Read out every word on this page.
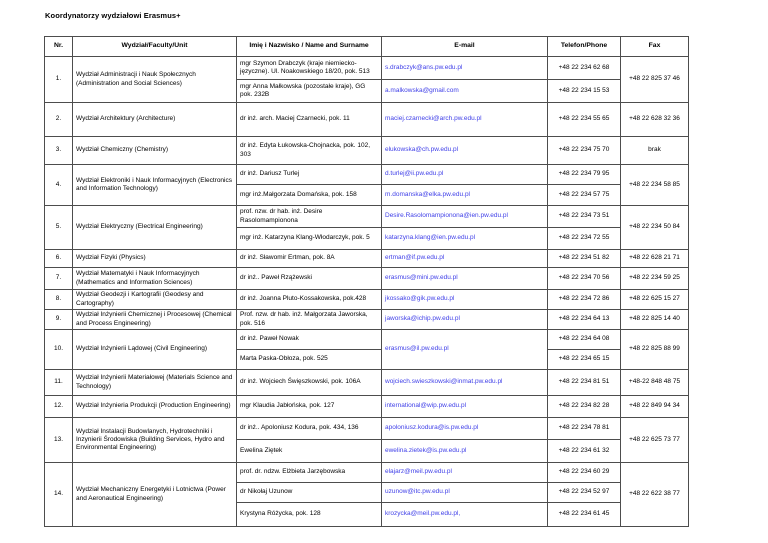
Koordynatorzy wydziałowi Erasmus+
Nr.	Wydział/Faculty/Unit	Imię i Nazwisko / Name and Surname	E-mail	Telefon/Phone	Fax
1.	Wydział Administracji i Nauk Społecznych (Administration and Social Sciences)	mgr Szymon Drabczyk (kraje niemiecko-języczne). Ul. Noakowskiego 18/20, pok. 513	s.drabczyk@ans.pw.edu.pl	+48 22 234 62 68	+48 22 825 37 46
		mgr Anna Małkowska (pozostałe kraje), GG pok. 232B	a.malkowska@gmail.com	+48 22 234 15 53	
2.	Wydział Architektury (Architecture)	dr inż. arch. Maciej Czarnecki, pok. 11	maciej.czarnecki@arch.pw.edu.pl	+48 22 234 55 65	+48 22 628 32 36
3.	Wydział Chemiczny (Chemistry)	dr inż. Edyta Łukowska-Chojnacka, pok. 102, 303	elukowska@ch.pw.edu.pl	+48 22 234 75 70	brak
4.	Wydział Elektroniki i Nauk Informacyjnych (Electronics and Information Technology)	dr inż. Dariusz Turlej	d.turlej@ii.pw.edu.pl	+48 22 234 79 95	+48 22 234 58 85
		mgr inż.Małgorzata Domańska, pok. 158	m.domanska@elka.pw.edu.pl	+48 22 234 57 75	
5.	Wydział Elektryczny (Electrical Engineering)	prof. nzw. dr hab. inż. Desire Rasolomampionona	Desire.Rasolomampionona@ien.pw.edu.pl	+48 22 234 73 51	+48 22 234 50 84
		mgr inż. Katarzyna Klang-Włodarczyk, pok. 5	katarzyna.klang@ien.pw.edu.pl	+48 22 234 72 55	
6.	Wydział Fizyki (Physics)	dr inż. Sławomir Ertman, pok. 8A	ertman@if.pw.edu.pl	+48 22 234 51 82	+48 22 628 21 71
7.	Wydział Matematyki i Nauk Informacyjnych (Mathematics and Information Sciences)	dr inż.. Paweł Rzążewski	erasmus@mini.pw.edu.pl	+48 22 234 70 56	+48 22 234 59 25
8.	Wydział Geodezji i Kartografii (Geodesy and Cartography)	dr inż. Joanna Pluto-Kossakowska, pok.428	jkossako@gik.pw.edu.pl	+48 22 234 72 86	+48 22 625 15 27
9.	Wydział Inżynierii Chemicznej i Procesowej (Chemical and Process Engineering)	Prof. nzw. dr hab. inż. Małgorzata Jaworska, pok. 516	jaworska@ichip.pw.edu.pl	+48 22 234 64 13	+48 22 825 14 40
10.	Wydział Inżynierii Lądowej (Civil Engineering)	dr inż. Paweł Nowak	erasmus@il.pw.edu.pl	+48 22 234 64 08	+48 22 825 88 99
		Marta Paska-Obłoza, pok. 525		+48 22 234 65 15	
11.	Wydział Inżynierii Materiałowej (Materials Science and Technology)	dr inż. Wojciech Święszkowski, pok. 106A	wojciech.swieszkowski@inmat.pw.edu.pl	+48 22 234 81 51	+48-22 848 48 75
12.	Wydział Inżynieria Produkcji (Production Engineering)	mgr Klaudia Jabłońska, pok. 127	international@wip.pw.edu.pl	+48 22 234 82 28	+48 22 849 94 34
13.	Wydział Instalacji Budowlanych, Hydrotechniki i Inzynierii Środowiska (Building Services, Hydro and Environmental Engineering)	dr inż.. Apoloniusz Kodura, pok. 434, 136	apoloniusz.kodura@is.pw.edu.pl	+48 22 234 78 81	+48 22 625 73 77
		Ewelina Ziętek	ewelina.zietek@is.pw.edu.pl	+48 22 234 61 32	
14.	Wydział Mechaniczny Energetyki i Lotnictwa (Power and Aeronautical Engineering)	prof. dr. ndzw. Elżbieta Jarzębowska	elajarz@meil.pw.edu.pl	+48 22 234 60 29	+48 22 622 38 77
		dr Nikołaj Uzunow	uzunow@itc.pw.edu.pl	+48 22 234 52 97	
		Krystyna Różycka, pok. 128	krozycka@meil.pw.edu.pl,	+48 22 234 61 45	
